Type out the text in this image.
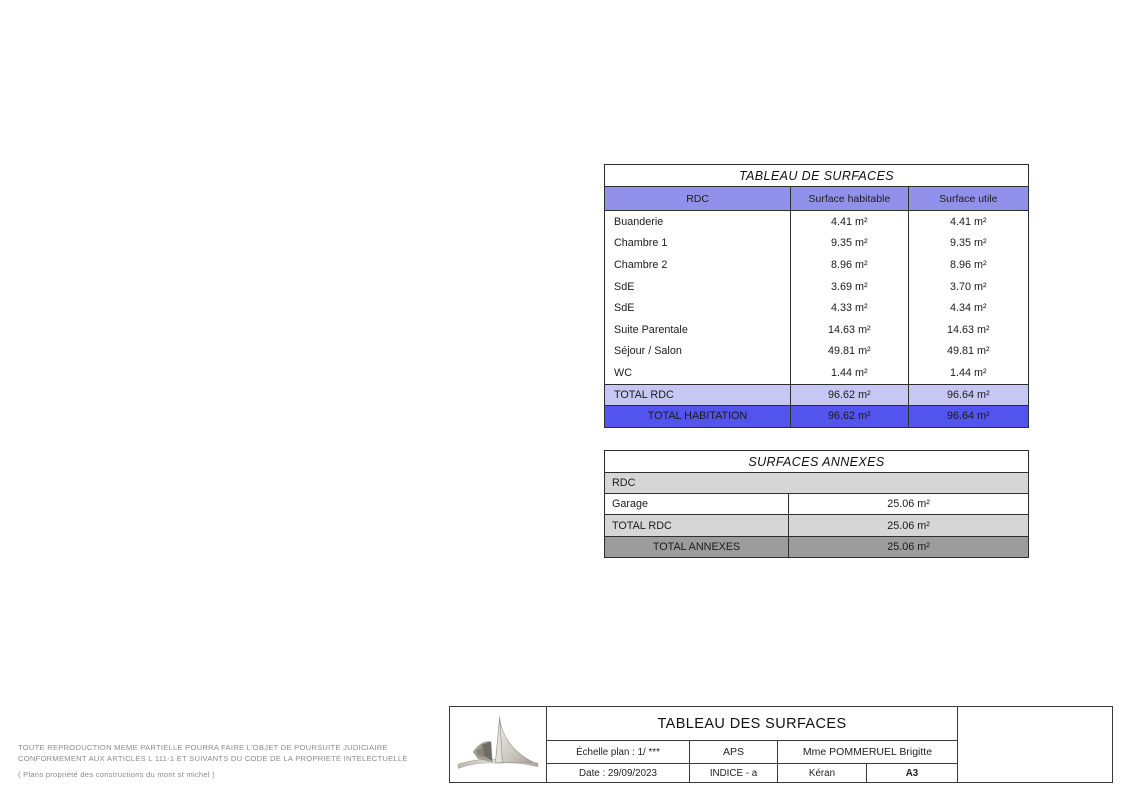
TABLEAU DE SURFACES
RDC	Surface habitable	Surface utile
Buanderie	4.41 m²	4.41 m²
Chambre 1	9.35 m²	9.35 m²
Chambre 2	8.96 m²	8.96 m²
SdE	3.69 m²	3.70 m²
SdE	4.33 m²	4.34 m²
Suite Parentale	14.63 m²	14.63 m²
Séjour / Salon	49.81 m²	49.81 m²
WC	1.44 m²	1.44 m²
TOTAL RDC	96.62 m²	96.64 m²
TOTAL HABITATION	96.62 m²	96.64 m²
SURFACES ANNEXES
RDC
Garage	25.06 m²
TOTAL RDC	25.06 m²
TOTAL ANNEXES	25.06 m²
TABLEAU DES SURFACES
Échelle plan : 1/ ***	APS	Mme POMMERUEL Brigitte
Date : 29/09/2023	INDICE - a	Kéran	A3
TOUTE REPRODUCTION MEME PARTIELLE POURRA FAIRE L'OBJET DE POURSUITE JUDICIAIRE
CONFORMEMENT AUX ARTICLES L 111-1 ET SUIVANTS DU CODE DE LA PROPRIETE INTELECTUELLE
( Plans propriété des constructions du mont st michel )
